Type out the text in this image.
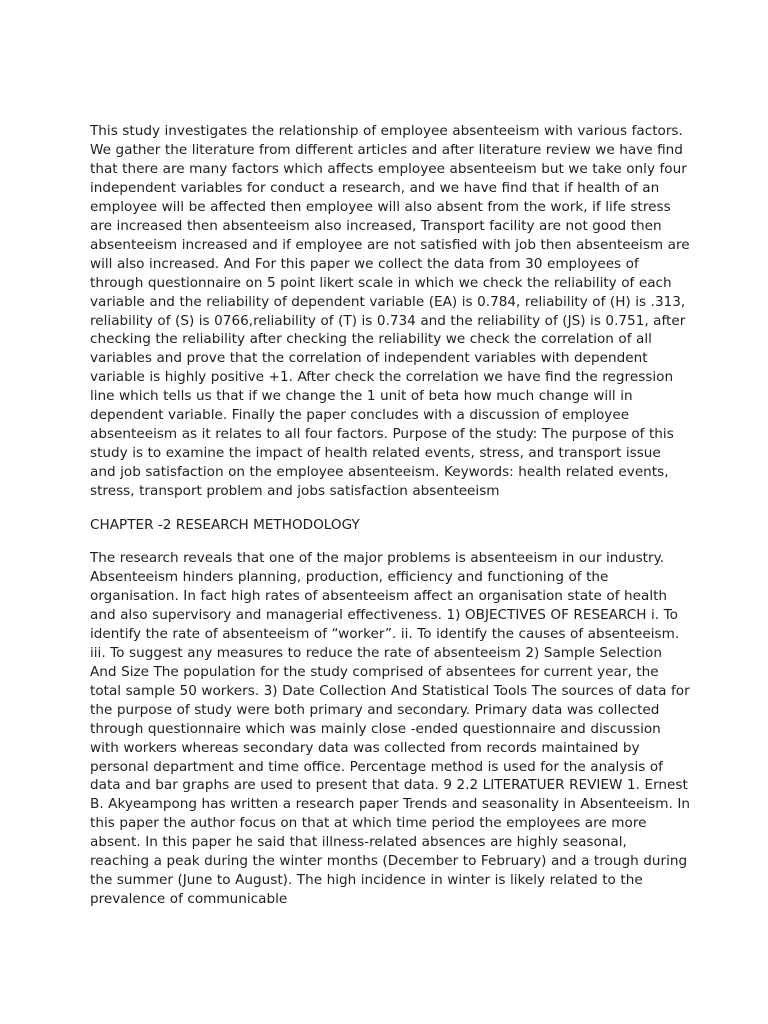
This study investigates the relationship of employee absenteeism with various factors. We gather the literature from different articles and after literature review we have find that there are many factors which affects employee absenteeism but we take only four independent variables for conduct a research, and we have find that if health of an employee will be affected then employee will also absent from the work, if life stress are increased then absenteeism also increased, Transport facility are not good then absenteeism increased and if employee are not satisfied with job then absenteeism are will also increased. And For this paper we collect the data from 30 employees of through questionnaire on 5 point likert scale in which we check the reliability of each variable and the reliability of dependent variable (EA) is 0.784, reliability of (H) is .313, reliability of (S) is 0766,reliability of (T) is 0.734 and the reliability of (JS) is 0.751, after checking the reliability after checking the reliability we check the correlation of all variables and prove that the correlation of independent variables with dependent variable is highly positive +1. After check the correlation we have find the regression line which tells us that if we change the 1 unit of beta how much change will in dependent variable. Finally the paper concludes with a discussion of employee absenteeism as it relates to all four factors. Purpose of the study: The purpose of this study is to examine the impact of health related events, stress, and transport issue and job satisfaction on the employee absenteeism. Keywords: health related events, stress, transport problem and jobs satisfaction absenteeism

CHAPTER -2 RESEARCH METHODOLOGY

The research reveals that one of the major problems is absenteeism in our industry. Absenteeism hinders planning, production, efficiency and functioning of the organisation. In fact high rates of absenteeism affect an organisation state of health and also supervisory and managerial effectiveness. 1) OBJECTIVES OF RESEARCH i. To identify the rate of absenteeism of “worker”. ii. To identify the causes of absenteeism. iii. To suggest any measures to reduce the rate of absenteeism 2) Sample Selection And Size The population for the study comprised of absentees for current year, the total sample 50 workers. 3) Date Collection And Statistical Tools The sources of data for the purpose of study were both primary and secondary. Primary data was collected through questionnaire which was mainly close -ended questionnaire and discussion with workers whereas secondary data was collected from records maintained by personal department and time office. Percentage method is used for the analysis of data and bar graphs are used to present that data. 9 2.2 LITERATUER REVIEW 1. Ernest B. Akyeampong has written a research paper Trends and seasonality in Absenteeism. In this paper the author focus on that at which time period the employees are more absent. In this paper he said that illness-related absences are highly seasonal, reaching a peak during the winter months (December to February) and a trough during the summer (June to August). The high incidence in winter is likely related to the prevalence of communicable
